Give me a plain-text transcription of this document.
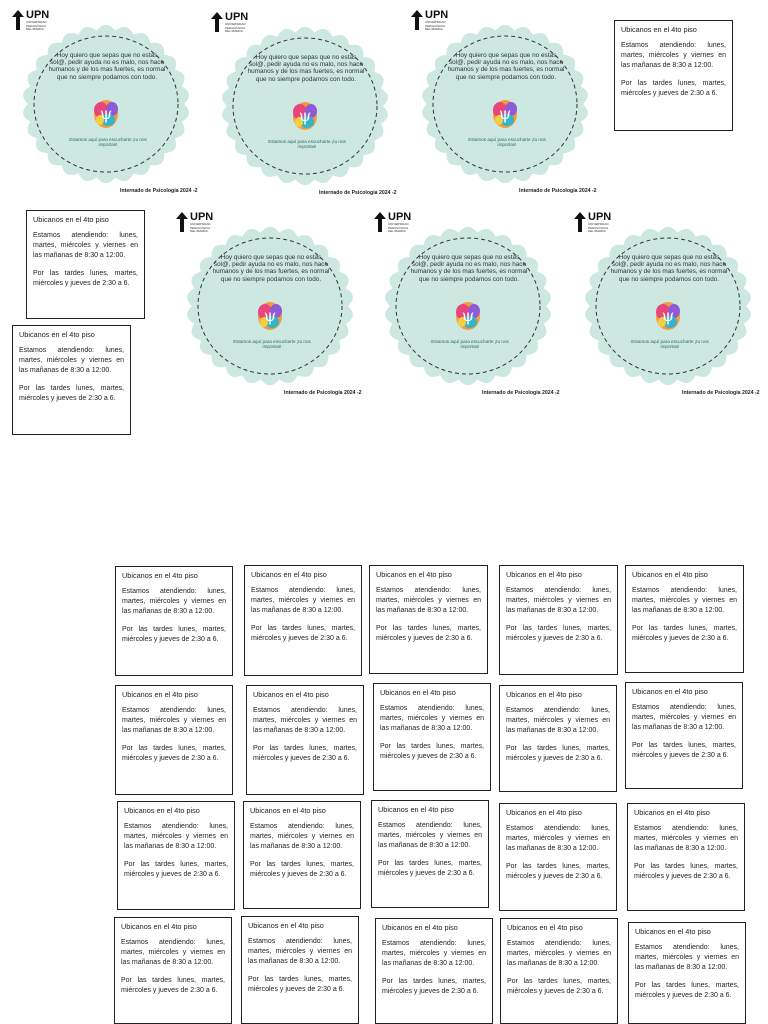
ψ
UPN
UNIVERSIDAD PEDAGÓGICA DEL IBARRA
Hoy quiero que sepas que no estas sol@, pedir ayuda no es malo, nos hace humanos y de los mas fuertes, es normal que no siempre podamos con todo.
Estamos aquí para escucharte ¡tu nos importas!
Internado de Psicología 2024 -2
ψ
UPN
UNIVERSIDAD PEDAGÓGICA DEL IBARRA
Hoy quiero que sepas que no estas sol@, pedir ayuda no es malo, nos hace humanos y de los mas fuertes, es normal que no siempre podamos con todo.
Estamos aquí para escucharte ¡tu nos importas!
Internado de Psicología 2024 -2
ψ
UPN
UNIVERSIDAD PEDAGÓGICA DEL IBARRA
Hoy quiero que sepas que no estas sol@, pedir ayuda no es malo, nos hace humanos y de los mas fuertes, es normal que no siempre podamos con todo.
Estamos aquí para escucharte ¡tu nos importas!
Internado de Psicología 2024 -2
ψ
UPN
UNIVERSIDAD PEDAGÓGICA DEL IBARRA
Hoy quiero que sepas que no estas sol@, pedir ayuda no es malo, nos hace humanos y de los mas fuertes, es normal que no siempre podamos con todo.
Estamos aquí para escucharte ¡tu nos importas!
Internado de Psicología 2024 -2
ψ
UPN
UNIVERSIDAD PEDAGÓGICA DEL IBARRA
Hoy quiero que sepas que no estas sol@, pedir ayuda no es malo, nos hace humanos y de los mas fuertes, es normal que no siempre podamos con todo.
Estamos aquí para escucharte ¡tu nos importas!
Internado de Psicología 2024 -2
ψ
UPN
UNIVERSIDAD PEDAGÓGICA DEL IBARRA
Hoy quiero que sepas que no estas sol@, pedir ayuda no es malo, nos hace humanos y de los mas fuertes, es normal que no siempre podamos con todo.
Estamos aquí para escucharte ¡tu nos importas!
Internado de Psicología 2024 -2
Ubicanos en el 4to piso

Estamos atendiendo: lunes, martes, miércoles y viernes en las mañanas de 8:30 a 12:00.

Por las tardes lunes, martes, miércoles y jueves de 2:30 a 6.

Ubicanos en el 4to piso

Estamos atendiendo: lunes, martes, miércoles y viernes en las mañanas de 8:30 a 12:00.

Por las tardes lunes, martes, miércoles y jueves de 2:30 a 6.

Ubicanos en el 4to piso

Estamos atendiendo: lunes, martes, miércoles y viernes en las mañanas de 8:30 a 12:00.

Por las tardes lunes, martes, miércoles y jueves de 2:30 a 6.

Ubicanos en el 4to piso

Estamos atendiendo: lunes, martes, miércoles y viernes en las mañanas de 8:30 a 12:00.

Por las tardes lunes, martes, miércoles y jueves de 2:30 a 6.

Ubicanos en el 4to piso

Estamos atendiendo: lunes, martes, miércoles y viernes en las mañanas de 8:30 a 12:00.

Por las tardes lunes, martes, miércoles y jueves de 2:30 a 6.

Ubicanos en el 4to piso

Estamos atendiendo: lunes, martes, miércoles y viernes en las mañanas de 8:30 a 12:00.

Por las tardes lunes, martes, miércoles y jueves de 2:30 a 6.

Ubicanos en el 4to piso

Estamos atendiendo: lunes, martes, miércoles y viernes en las mañanas de 8:30 a 12:00.

Por las tardes lunes, martes, miércoles y jueves de 2:30 a 6.

Ubicanos en el 4to piso

Estamos atendiendo: lunes, martes, miércoles y viernes en las mañanas de 8:30 a 12:00.

Por las tardes lunes, martes, miércoles y jueves de 2:30 a 6.

Ubicanos en el 4to piso

Estamos atendiendo: lunes, martes, miércoles y viernes en las mañanas de 8:30 a 12:00.

Por las tardes lunes, martes, miércoles y jueves de 2:30 a 6.

Ubicanos en el 4to piso

Estamos atendiendo: lunes, martes, miércoles y viernes en las mañanas de 8:30 a 12:00.

Por las tardes lunes, martes, miércoles y jueves de 2:30 a 6.

Ubicanos en el 4to piso

Estamos atendiendo: lunes, martes, miércoles y viernes en las mañanas de 8:30 a 12:00.

Por las tardes lunes, martes, miércoles y jueves de 2:30 a 6.

Ubicanos en el 4to piso

Estamos atendiendo: lunes, martes, miércoles y viernes en las mañanas de 8:30 a 12:00.

Por las tardes lunes, martes, miércoles y jueves de 2:30 a 6.

Ubicanos en el 4to piso

Estamos atendiendo: lunes, martes, miércoles y viernes en las mañanas de 8:30 a 12:00.

Por las tardes lunes, martes, miércoles y jueves de 2:30 a 6.

Ubicanos en el 4to piso

Estamos atendiendo: lunes, martes, miércoles y viernes en las mañanas de 8:30 a 12:00.

Por las tardes lunes, martes, miércoles y jueves de 2:30 a 6.

Ubicanos en el 4to piso

Estamos atendiendo: lunes, martes, miércoles y viernes en las mañanas de 8:30 a 12:00.

Por las tardes lunes, martes, miércoles y jueves de 2:30 a 6.

Ubicanos en el 4to piso

Estamos atendiendo: lunes, martes, miércoles y viernes en las mañanas de 8:30 a 12:00.

Por las tardes lunes, martes, miércoles y jueves de 2:30 a 6.

Ubicanos en el 4to piso

Estamos atendiendo: lunes, martes, miércoles y viernes en las mañanas de 8:30 a 12:00.

Por las tardes lunes, martes, miércoles y jueves de 2:30 a 6.

Ubicanos en el 4to piso

Estamos atendiendo: lunes, martes, miércoles y viernes en las mañanas de 8:30 a 12:00.

Por las tardes lunes, martes, miércoles y jueves de 2:30 a 6.

Ubicanos en el 4to piso

Estamos atendiendo: lunes, martes, miércoles y viernes en las mañanas de 8:30 a 12:00.

Por las tardes lunes, martes, miércoles y jueves de 2:30 a 6.

Ubicanos en el 4to piso

Estamos atendiendo: lunes, martes, miércoles y viernes en las mañanas de 8:30 a 12:00.

Por las tardes lunes, martes, miércoles y jueves de 2:30 a 6.

Ubicanos en el 4to piso

Estamos atendiendo: lunes, martes, miércoles y viernes en las mañanas de 8:30 a 12:00.

Por las tardes lunes, martes, miércoles y jueves de 2:30 a 6.

Ubicanos en el 4to piso

Estamos atendiendo: lunes, martes, miércoles y viernes en las mañanas de 8:30 a 12:00.

Por las tardes lunes, martes, miércoles y jueves de 2:30 a 6.

Ubicanos en el 4to piso

Estamos atendiendo: lunes, martes, miércoles y viernes en las mañanas de 8:30 a 12:00.

Por las tardes lunes, martes, miércoles y jueves de 2:30 a 6.
